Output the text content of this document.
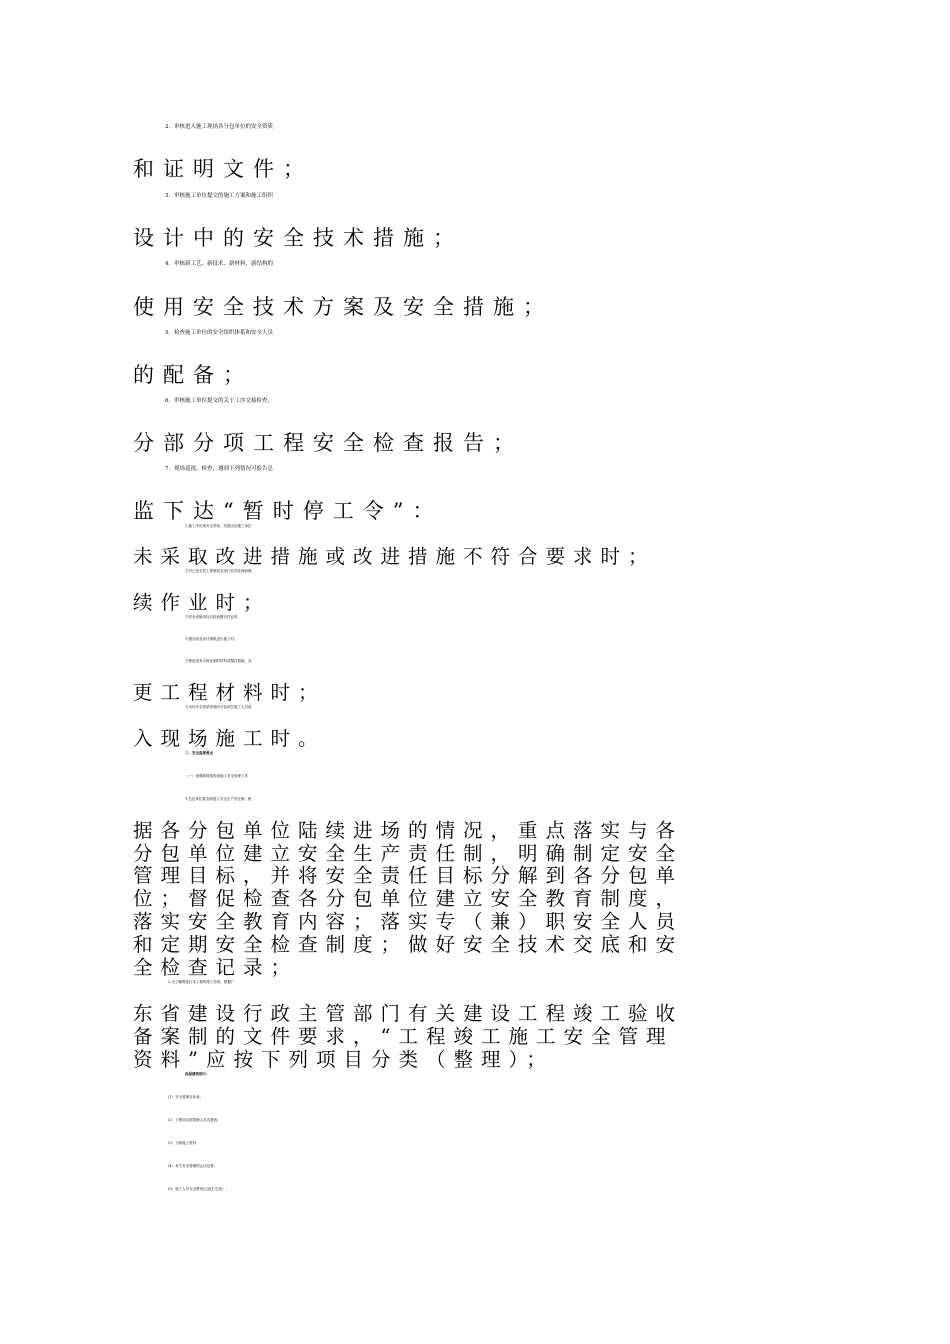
2．审核进入施工现场各分包单位的安全资质

和证明文件；

3．审核施工单位提交的施工方案和施工组织

设计中的安全技术措施；

4．审核新工艺、新技术、新材料、新结构的

使用安全技术方案及安全措施；

5．检查施工单位的安全组织体系和安全人员

的配备；

6．审核施工单位提交的关于工序交接检查、

分部分项工程安全检查报告；

7．现场巡视、检查，遇到下列情况可报告总

监下达“暂时停工令”：

①施工中出现安全异常，经提出后施工单位

未采取改进措施或改进措施不符合要求时；

②对已发生的工程事故未进行有效处理而继

续作业时；

③安全设施未经自检而擅自作业时；

④擅自改变设计图纸进行施工时；

⑤使用没有合格证明的材料或擅自替换、变

更工程材料时；

⑥未经安全资质审查的分包单位施工人员进

入现场施工时。

三、安全监理要点

（一）加强和规范现场施工安全管理工作

1.总包单位要全面建立安全生产责任制。根

据各分包单位陆续进场的情况，重点落实与各

分包单位建立安全生产责任制，明确制定安全

管理目标，并将安全责任目标分解到各分包单

位；督促检查各分包单位建立安全教育制度，

落实安全教育内容；落实专（兼）职安全人员

和定期安全检查制度；做好安全技术交底和安

全检查记录；

2.为了顺利进行本工程的竣工验收，根据广

东省建设行政主管部门有关建设工程竣工验收

备案制的文件要求，“工程竣工施工安全管理

资料”应按下列项目分类（整理）；

房屋建筑部分：

(1）安全管理目标表；

(2）工程项目部管理人员名册表；

(3）文明施工资料；

(4）有关安全管理的会议纪要；

(5）施工人员安全教育记录(汇总表）；
